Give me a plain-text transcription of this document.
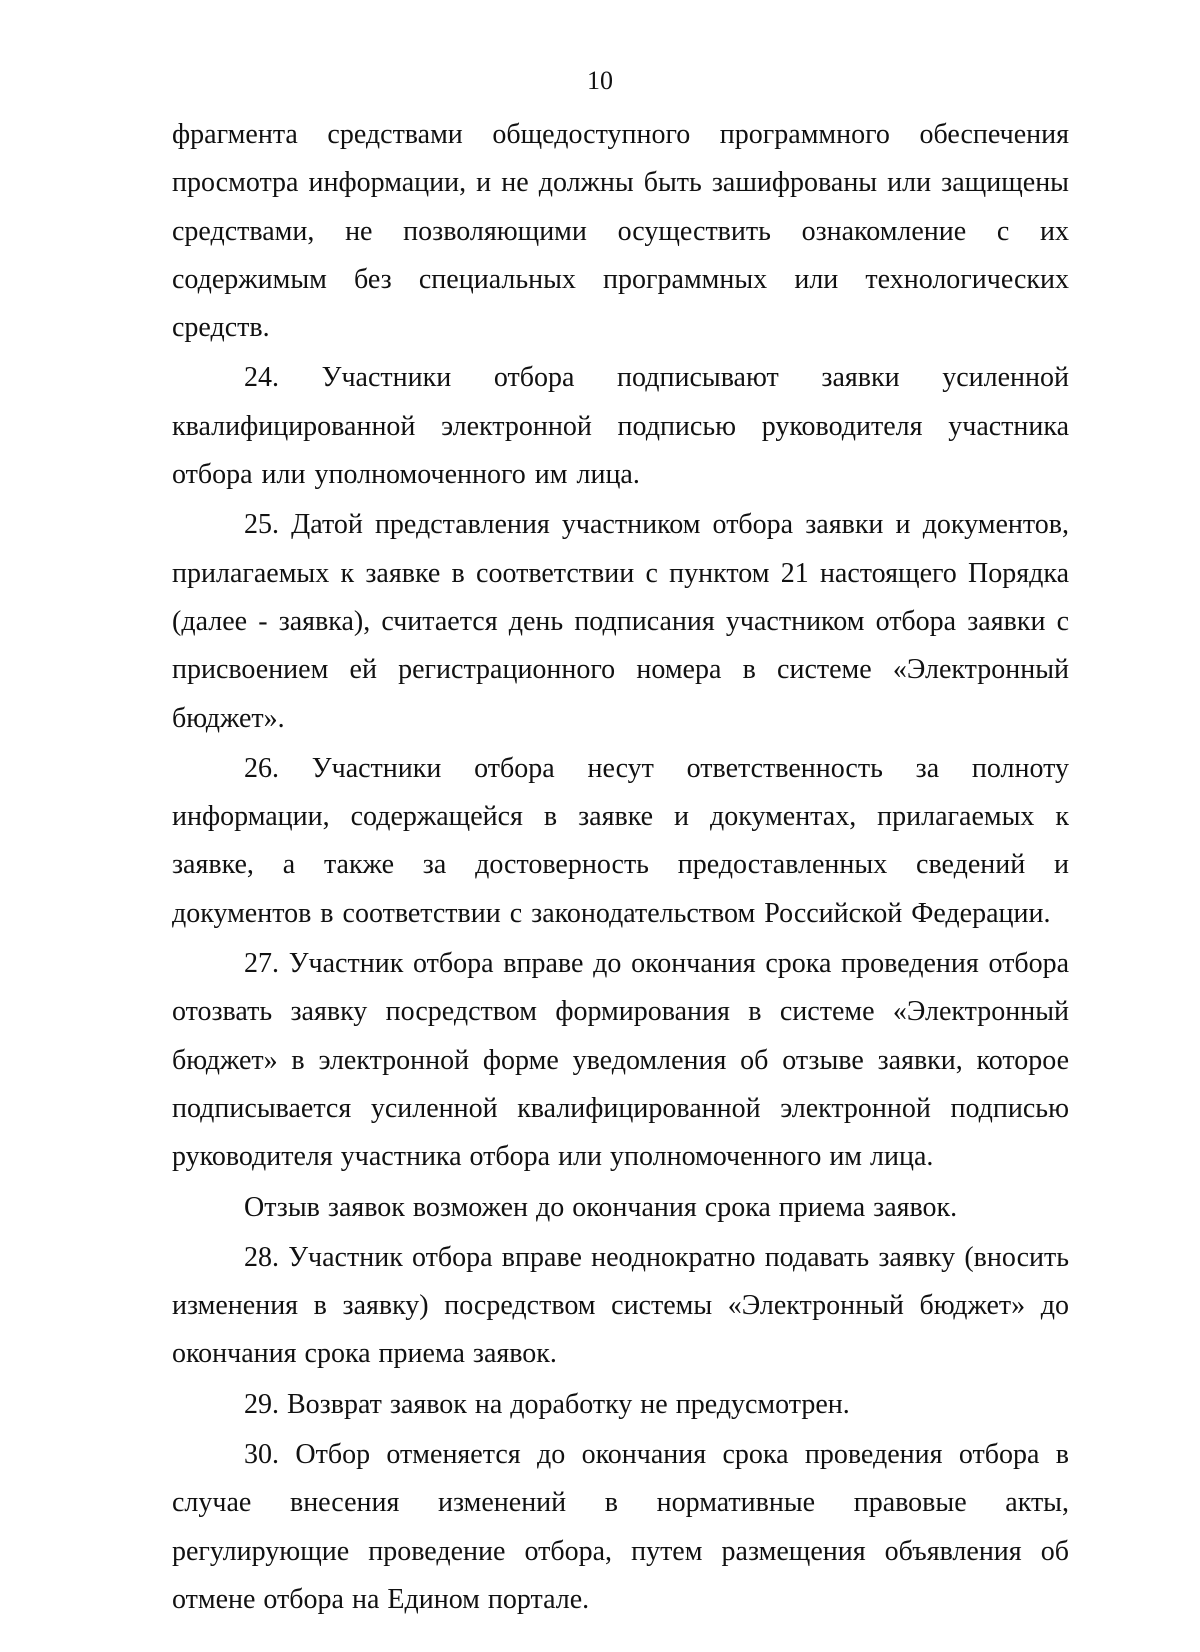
10

фрагмента средствами общедоступного программного обеспечения просмотра информации, и не должны быть зашифрованы или защищены средствами, не позволяющими осуществить ознакомление с их содержимым без специальных программных или технологических средств.

24. Участники отбора подписывают заявки усиленной квалифицированной электронной подписью руководителя участника отбора или уполномоченного им лица.

25. Датой представления участником отбора заявки и документов, прилагаемых к заявке в соответствии с пунктом 21 настоящего Порядка (далее - заявка), считается день подписания участником отбора заявки с присвоением ей регистрационного номера в системе «Электронный бюджет».

26. Участники отбора несут ответственность за полноту информации, содержащейся в заявке и документах, прилагаемых к заявке, а также за достоверность предоставленных сведений и документов в соответствии с законодательством Российской Федерации.

27. Участник отбора вправе до окончания срока проведения отбора отозвать заявку посредством формирования в системе «Электронный бюджет» в электронной форме уведомления об отзыве заявки, которое подписывается усиленной квалифицированной электронной подписью руководителя участника отбора или уполномоченного им лица.

Отзыв заявок возможен до окончания срока приема заявок.

28. Участник отбора вправе неоднократно подавать заявку (вносить изменения в заявку) посредством системы «Электронный бюджет» до окончания срока приема заявок.

29. Возврат заявок на доработку не предусмотрен.

30. Отбор отменяется до окончания срока проведения отбора в случае внесения изменений в нормативные правовые акты, регулирующие проведение отбора, путем размещения объявления об отмене отбора на Едином портале.
